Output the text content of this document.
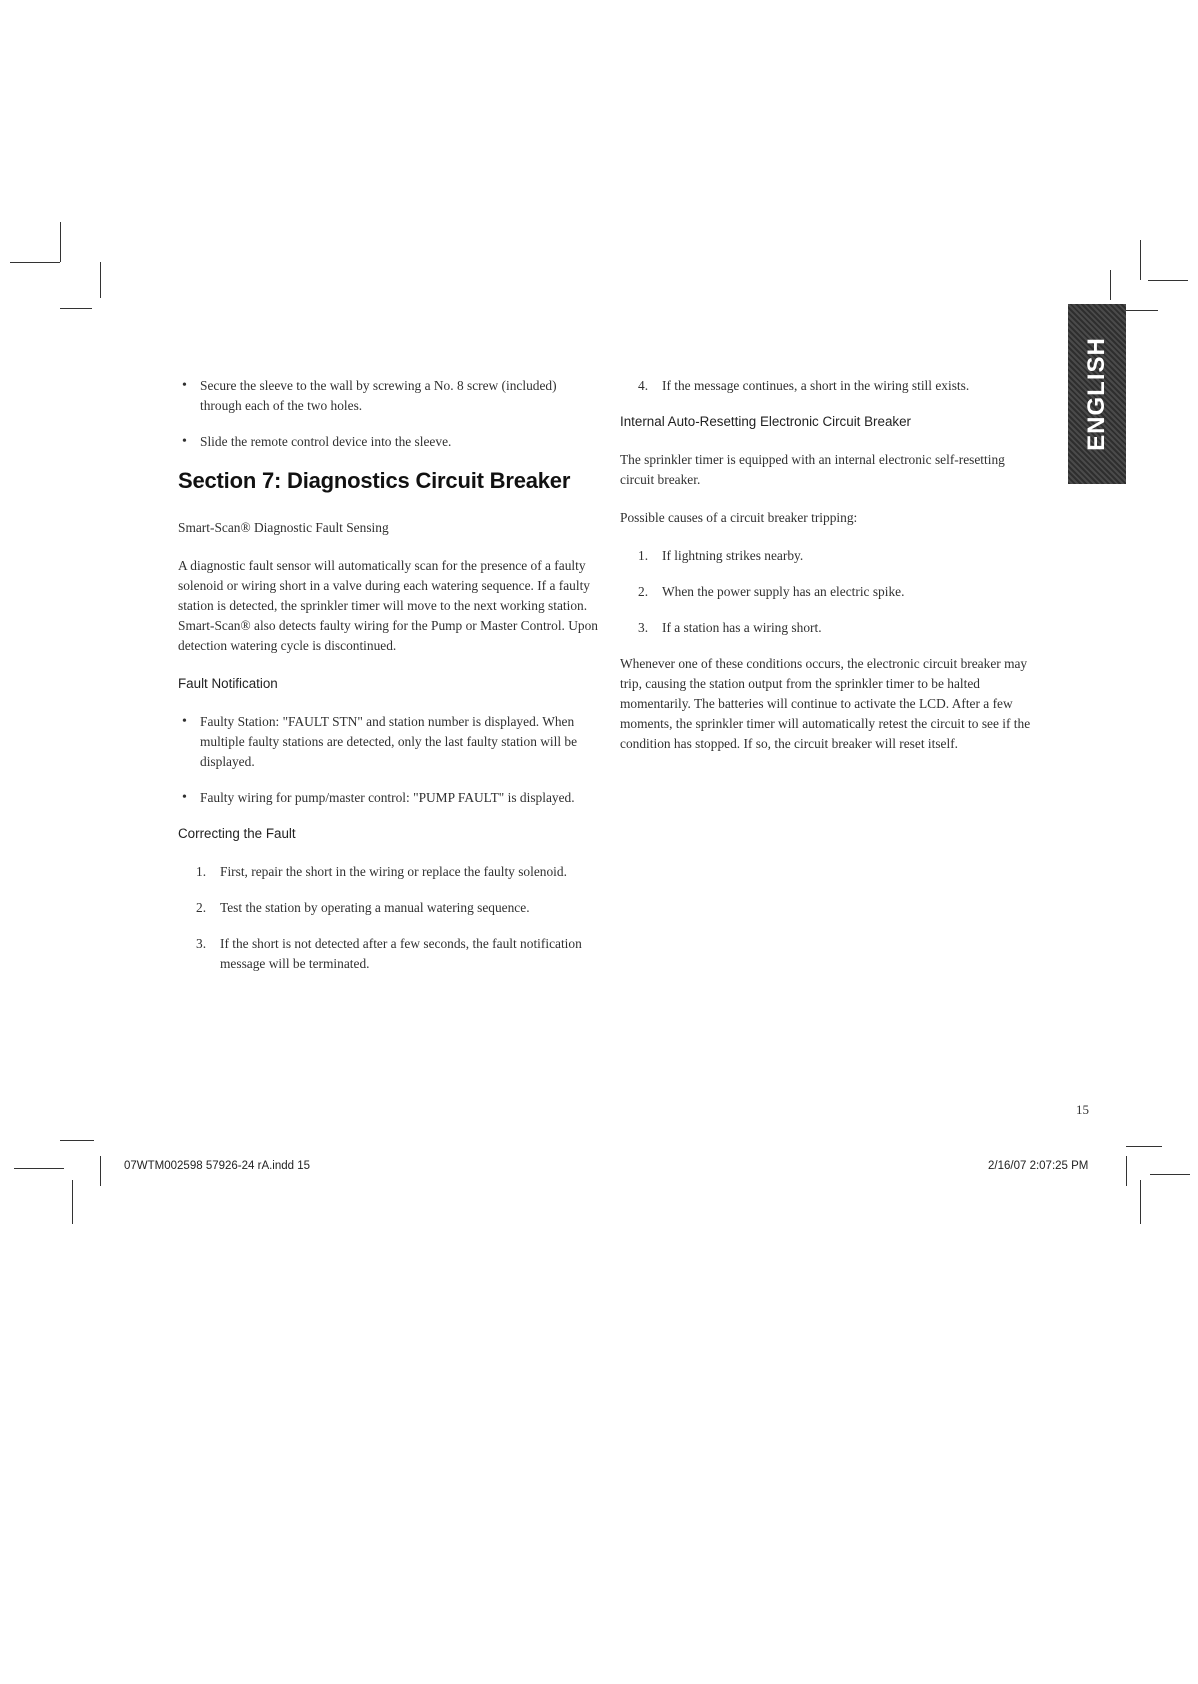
ENGLISH
• Secure the sleeve to the wall by screwing a No. 8 screw (included) through each of the two holes.
• Slide the remote control device into the sleeve.
Section 7: Diagnostics Circuit Breaker
Smart-Scan® Diagnostic Fault Sensing

A diagnostic fault sensor will automatically scan for the presence of a faulty solenoid or wiring short in a valve during each watering sequence. If a faulty station is detected, the sprinkler timer will move to the next working station. Smart-Scan® also detects faulty wiring for the Pump or Master Control. Upon detection watering cycle is discontinued.

Fault Notification
• Faulty Station: "FAULT STN" and station number is displayed. When multiple faulty stations are detected, only the last faulty station will be displayed.
• Faulty wiring for pump/master control: "PUMP FAULT" is displayed.
Correcting the Fault
1. First, repair the short in the wiring or replace the faulty solenoid.
2. Test the station by operating a manual watering sequence.
3. If the short is not detected after a few seconds, the fault notification message will be terminated.
4. If the message continues, a short in the wiring still exists.
Internal Auto-Resetting Electronic Circuit Breaker

The sprinkler timer is equipped with an internal electronic self-resetting circuit breaker.

Possible causes of a circuit breaker tripping:

1. If lightning strikes nearby.
2. When the power supply has an electric spike.
3. If a station has a wiring short.

Whenever one of these conditions occurs, the electronic circuit breaker may trip, causing the station output from the sprinkler timer to be halted momentarily. The batteries will continue to activate the LCD. After a few moments, the sprinkler timer will automatically retest the circuit to see if the condition has stopped. If so, the circuit breaker will reset itself.

15
07WTM002598 57926-24 rA.indd 15	2/16/07 2:07:25 PM
